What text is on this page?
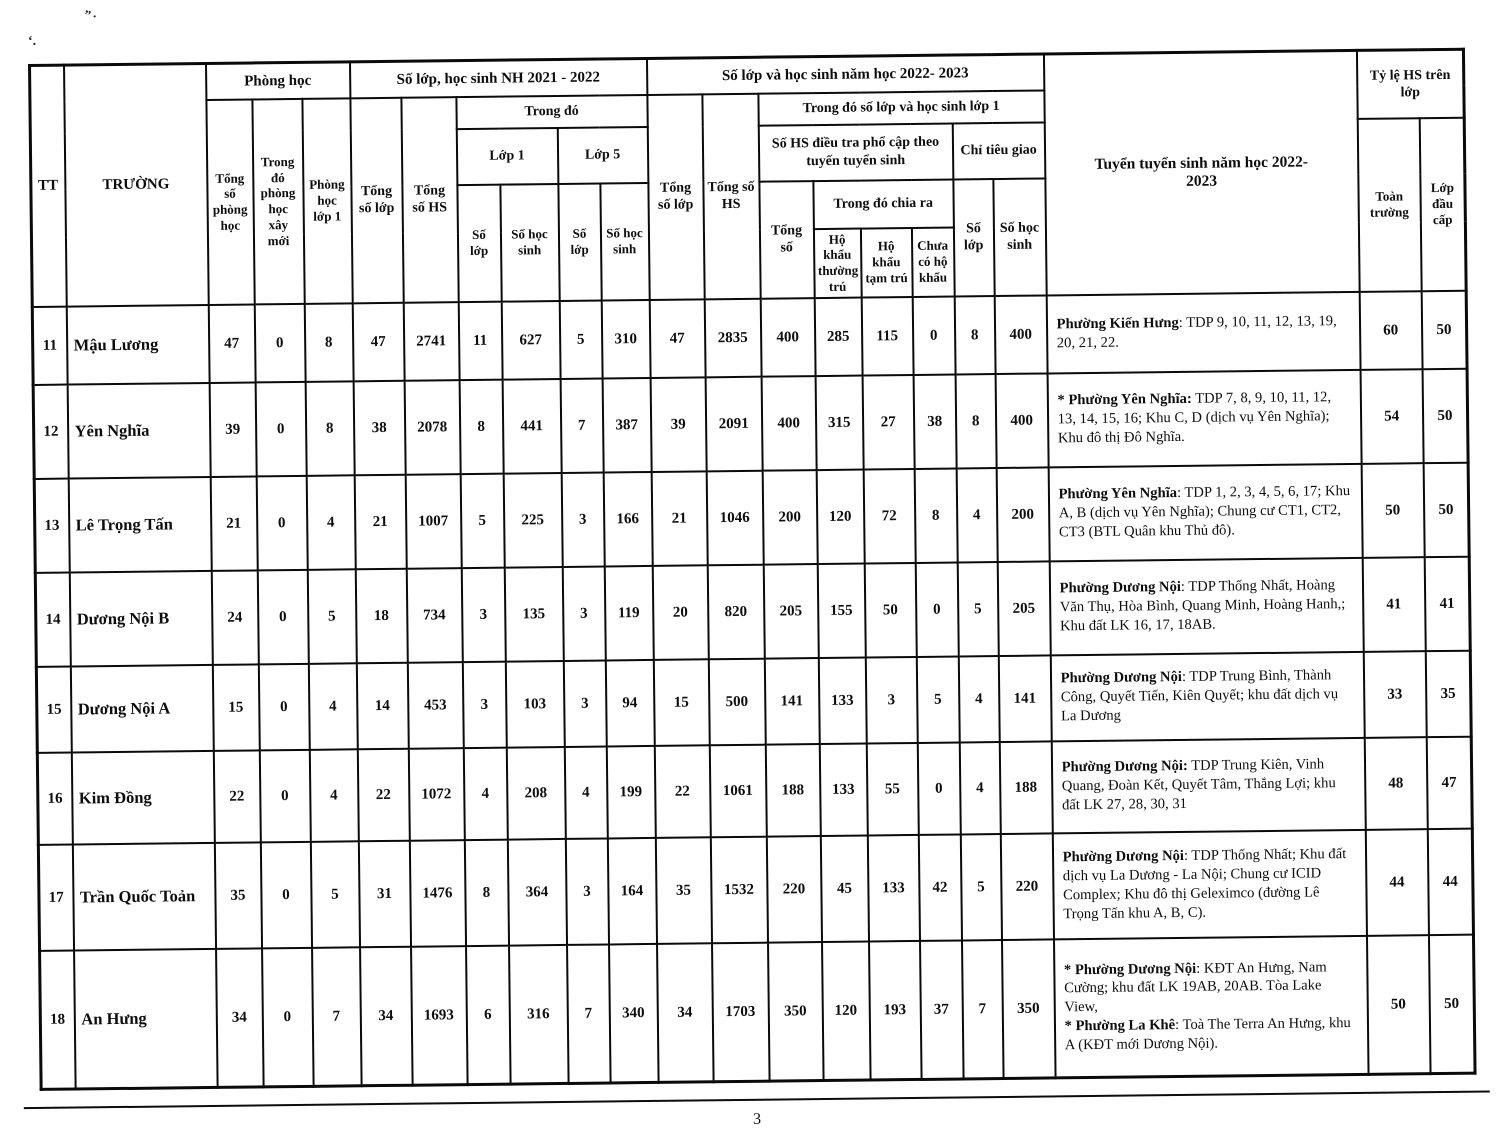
”·
‘.
TT	TRƯỜNG	Phòng học			Số lớp, học sinh NH 2021 - 2022						Số lớp và học sinh năm học 2022- 2023								Tuyển tuyển sinh năm học 2022-2023	Tỷ lệ HS trên lớp	
		Tổng số phòng học	Trong đó phòng học xây mới	Phòng học lớp 1	Tổng số lớp	Tổng số HS	Trong đó				Tổng số lớp	Tổng số HS	Trong đó số lớp và học sinh lớp 1								
							Lớp 1		Lớp 5				Số HS điều tra phổ cập theo tuyến tuyển sinh				Chỉ tiêu giao			Toàn trường	Lớp đầu cấp
							Số lớp	Số học sinh	Số lớp	Số học sinh			Tổng số	Trong đó chia ra			Số lớp	Số học sinh			
														Hộ khẩu thường trú	Hộ khẩu tạm trú	Chưa có hộ khẩu					
11	Mậu Lương	47	0	8	47	2741	11	627	5	310	47	2835	400	285	115	0	8	400	Phường Kiến Hưng: TDP 9, 10, 11, 12, 13, 19, 20, 21, 22.	60	50
12	Yên Nghĩa	39	0	8	38	2078	8	441	7	387	39	2091	400	315	27	38	8	400	* Phường Yên Nghĩa: TDP 7, 8, 9, 10, 11, 12, 13, 14, 15, 16; Khu C, D (dịch vụ Yên Nghĩa); Khu đô thị Đô Nghĩa.	54	50
13	Lê Trọng Tấn	21	0	4	21	1007	5	225	3	166	21	1046	200	120	72	8	4	200	Phường Yên Nghĩa: TDP 1, 2, 3, 4, 5, 6, 17; Khu A, B (dịch vụ Yên Nghĩa); Chung cư CT1, CT2, CT3 (BTL Quân khu Thủ đô).	50	50
14	Dương Nội B	24	0	5	18	734	3	135	3	119	20	820	205	155	50	0	5	205	Phường Dương Nội: TDP Thống Nhất, Hoàng Văn Thụ, Hòa Bình, Quang Minh, Hoàng Hanh,; Khu đất LK 16, 17, 18AB.	41	41
15	Dương Nội A	15	0	4	14	453	3	103	3	94	15	500	141	133	3	5	4	141	Phường Dương Nội: TDP Trung Bình, Thành Công, Quyết Tiến, Kiên Quyết; khu đất dịch vụ La Dương	33	35
16	Kim Đồng	22	0	4	22	1072	4	208	4	199	22	1061	188	133	55	0	4	188	Phường Dương Nội: TDP Trung Kiên, Vinh Quang, Đoàn Kết, Quyết Tâm, Thắng Lợi; khu đất LK 27, 28, 30, 31	48	47
17	Trần Quốc Toản	35	0	5	31	1476	8	364	3	164	35	1532	220	45	133	42	5	220	Phường Dương Nội: TDP Thống Nhất; Khu đất dịch vụ La Dương - La Nội; Chung cư ICID Complex; Khu đô thị Geleximco (đường Lê Trọng Tấn khu A, B, C).	44	44
18	An Hưng	34	0	7	34	1693	6	316	7	340	34	1703	350	120	193	37	7	350	* Phường Dương Nội: KĐT An Hưng, Nam Cường; khu đất LK 19AB, 20AB. Tòa Lake View,
* Phường La Khê: Toà The Terra An Hưng, khu A (KĐT mới Dương Nội).	50	50
3
